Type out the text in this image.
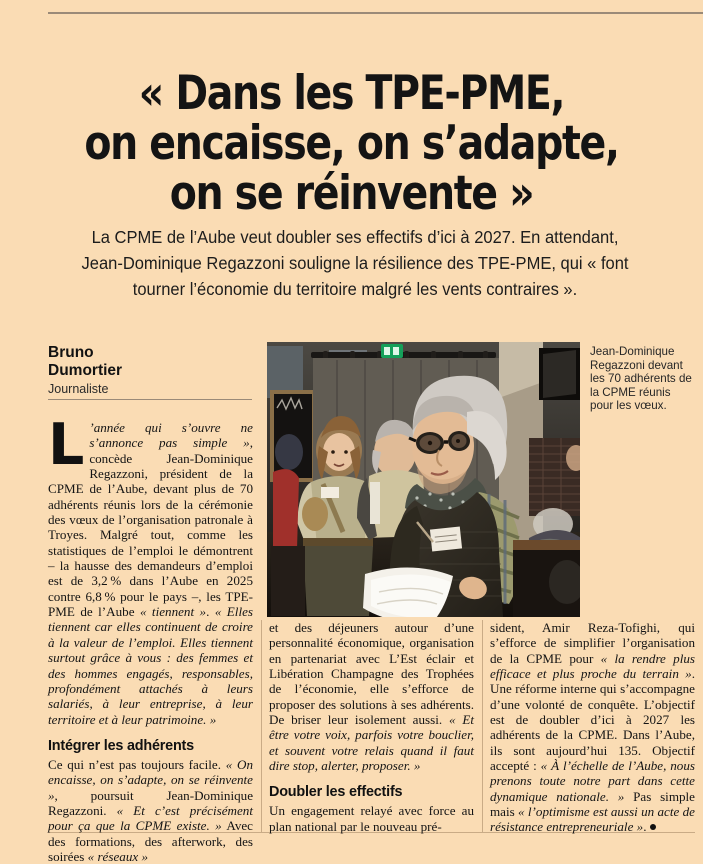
« Dans les TPE-PME,
on encaisse, on s’adapte,
on se réinvente »
La CPME de l’Aube veut doubler ses effectifs d’ici à 2027. En attendant, Jean-Dominique Regazzoni souligne la résilience des TPE-PME, qui « font tourner l’économie du territoire malgré les vents contraires ».
Bruno
Dumortier
Journaliste
Jean-Dominique Regazzoni devant les 70 adhérents de la CPME réunis pour les vœux.

L ’année qui s’ouvre ne s’annonce pas simple », concède Jean-Dominique Regazzoni, président de la CPME de l’Aube, devant plus de 70 adhérents réunis lors de la cérémonie des vœux de l’organisation patronale à Troyes. Malgré tout, comme les statistiques de l’emploi le démontrent – la hausse des demandeurs d’emploi est de 3,2 % dans l’Aube en 2025 contre 6,8 % pour le pays –, les TPE-PME de l’Aube « tiennent ». « Elles tiennent car elles continuent de croire à la valeur de l’emploi. Elles tiennent surtout grâce à vous : des femmes et des hommes engagés, responsables, profondément attachés à leurs salariés, à leur entreprise, à leur territoire et à leur patrimoine. »

Intégrer les adhérents

Ce qui n’est pas toujours facile. « On encaisse, on s’adapte, on se réinvente », poursuit Jean-Dominique Regazzoni. « Et c’est précisément pour ça que la CPME existe. » Avec des formations, des afterwork, des soirées « réseaux »

et des déjeuners autour d’une personnalité économique, organisation en partenariat avec L’Est éclair et Libération Champagne des Trophées de l’économie, elle s’efforce de proposer des solutions à ses adhérents. De briser leur isolement aussi. « Et être votre voix, parfois votre bouclier, et souvent votre relais quand il faut dire stop, alerter, proposer. »

Doubler les effectifs

Un engagement relayé avec force au plan national par le nouveau pré-

sident, Amir Reza-Tofighi, qui s’efforce de simplifier l’organisation de la CPME pour « la rendre plus efficace et plus proche du terrain ». Une réforme interne qui s’accompagne d’une volonté de conquête. L’objectif est de doubler d’ici à 2027 les adhérents de la CPME. Dans l’Aube, ils sont aujourd’hui 135. Objectif accepté : « À l’échelle de l’Aube, nous prenons toute notre part dans cette dynamique nationale. » Pas simple mais « l’optimisme est aussi un acte de résistance entrepreneuriale ».
